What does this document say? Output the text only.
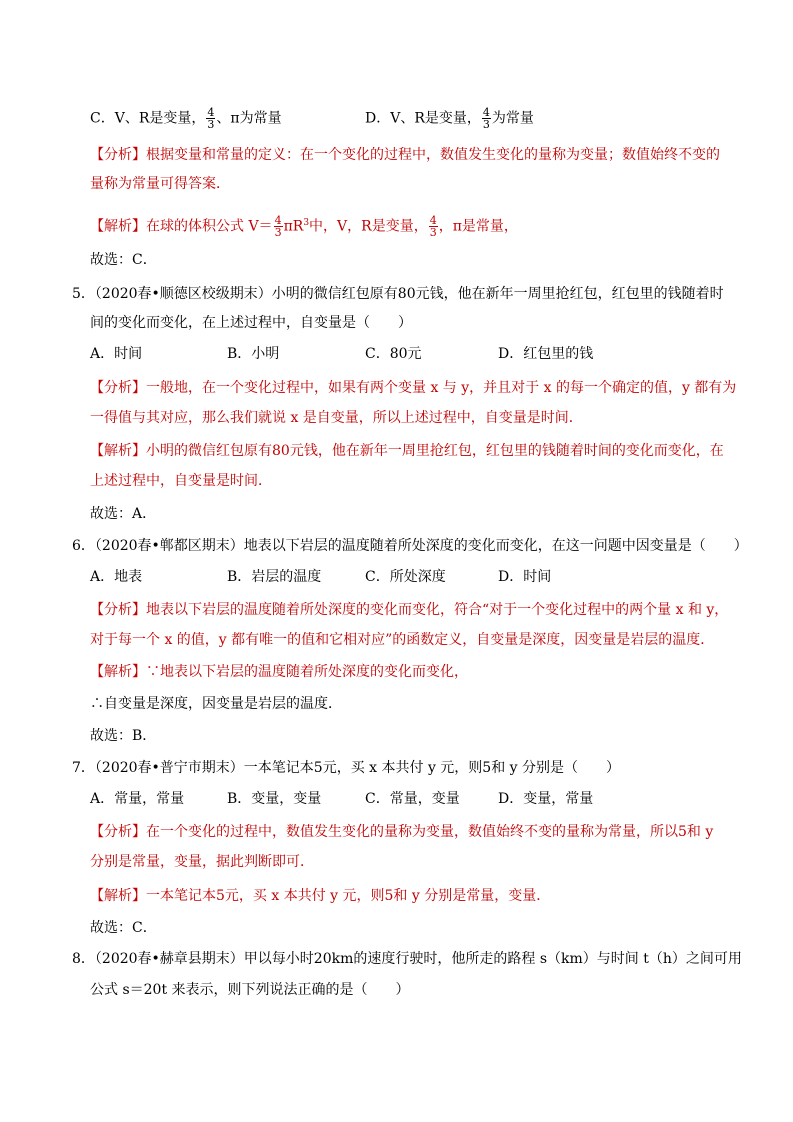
C．V、R是变量， $\frac{4}{3}$ 、π为常量	D．V、R是变量， $\frac{4}{3}$ 为常量
【分析】根据变量和常量的定义：在一个变化的过程中，数值发生变化的量称为变量；数值始终不变的
量称为常量可得答案．
【解析】在球的体积公式 $V= \frac{4}{3} \pi R^3$中，V，R是变量， $\frac{4}{3}$ ，π是常量，
故选：C．
5．（2020春•顺德区校级期末）小明的微信红包原有80元钱，他在新年一周里抢红包，红包里的钱随着时
间的变化而变化，在上述过程中，自变量是（　　）
A．时间	B．小明	C．80元	D．红包里的钱
【分析】一般地，在一个变化过程中，如果有两个变量 x 与 y，并且对于 x 的每一个确定的值，y 都有为
一得值与其对应，那么我们就说 x 是自变量，所以上述过程中，自变量是时间．
【解析】小明的微信红包原有80元钱，他在新年一周里抢红包，红包里的钱随着时间的变化而变化，在
上述过程中，自变量是时间．
故选：A．
6．（2020春•郸都区期末）地表以下岩层的温度随着所处深度的变化而变化，在这一问题中因变量是（　　）
A．地表	B．岩层的温度	C．所处深度	D．时间
【分析】地表以下岩层的温度随着所处深度的变化而变化，符合“对于一个变化过程中的两个量 x 和 y，
对于每一个 x 的值，y 都有唯一的值和它相对应”的函数定义，自变量是深度，因变量是岩层的温度．
【解析】∵地表以下岩层的温度随着所处深度的变化而变化，
∴自变量是深度，因变量是岩层的温度．
故选：B．
7．（2020春•普宁市期末）一本笔记本5元，买 x 本共付 y 元，则5和 y 分别是（　　）
A．常量，常量	B．变量，变量	C．常量，变量	D．变量，常量
【分析】在一个变化的过程中，数值发生变化的量称为变量，数值始终不变的量称为常量，所以5和 y
分别是常量，变量，据此判断即可．
【解析】一本笔记本5元，买 x 本共付 y 元，则5和 y 分别是常量，变量．
故选：C．
8．（2020春•赫章县期末）甲以每小时20km的速度行驶时，他所走的路程 s（km）与时间 t（h）之间可用
公式 s＝20t 来表示，则下列说法正确的是（　　）
